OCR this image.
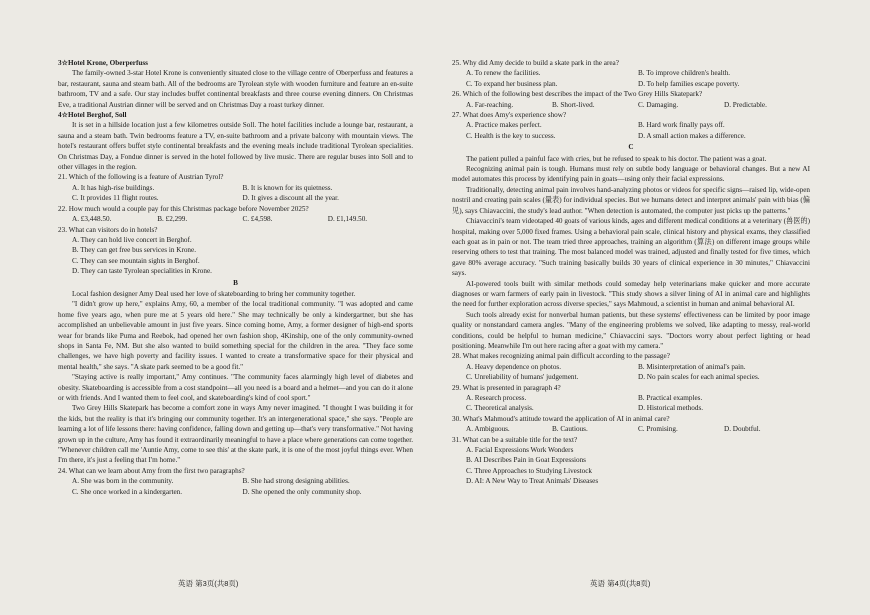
3☆Hotel Krone, Oberperfuss

The family-owned 3-star Hotel Krone is conveniently situated close to the village centre of Oberperfuss and features a bar, restaurant, sauna and steam bath. All of the bedrooms are Tyrolean style with wooden furniture and feature an en-suite bathroom, TV and a safe. Our stay includes buffet continental breakfasts and three course evening dinners. On Christmas Eve, a traditional Austrian dinner will be served and on Christmas Day a roast turkey dinner.

4☆Hotel Berghof, Soll

It is set in a hillside location just a few kilometres outside Soll. The hotel facilities include a lounge bar, restaurant, a sauna and a steam bath. Twin bedrooms feature a TV, en-suite bathroom and a private balcony with mountain views. The hotel's restaurant offers buffet style continental breakfasts and the evening meals include traditional Tyrolean specialities. On Christmas Day, a Fondue dinner is served in the hotel followed by live music. There are regular buses into Soll and to other villages in the region.

21. Which of the following is a feature of Austrian Tyrol?

A. It has high-rise buildings.	B. It is known for its quietness.
C. It provides 11 flight routes.	D. It gives a discount all the year.

22. How much would a couple pay for this Christmas package before November 2025?

A. £3,448.50.	B. £2,299.	C. £4,598.	D. £1,149.50.

23. What can visitors do in hotels?

A. They can hold live concert in Berghof.
B. They can get free bus services in Krone.
C. They can see mountain sights in Berghof.
D. They can taste Tyrolean specialities in Krone.

B

Local fashion designer Amy Deal used her love of skateboarding to bring her community together.

"I didn't grow up here," explains Amy, 60, a member of the local traditional community. "I was adopted and came home five years ago, when pure me at 5 years old here." She may technically be only a kindergartner, but she has accomplished an unbelievable amount in just five years. Since coming home, Amy, a former designer of high-end sports wear for brands like Puma and Reebok, had opened her own fashion shop, 4Kinship, one of the only community-owned shops in Santa Fe, NM. But she also wanted to build something special for the children in the area. "They face some challenges, we have high poverty and facility issues. I wanted to create a transformative space for their physical and mental health," she says. "A skate park seemed to be a good fit."

"Staying active is really important," Amy continues. "The community faces alarmingly high level of diabetes and obesity. Skateboarding is accessible from a cost standpoint—all you need is a board and a helmet—and you can do it alone or with friends. And I wanted them to feel cool, and skateboarding's kind of cool sport."

Two Grey Hills Skatepark has become a comfort zone in ways Amy never imagined. "I thought I was building it for the kids, but the reality is that it's bringing our community together. It's an intergenerational space," she says. "People are learning a lot of life lessons there: having confidence, falling down and getting up—that's very transformative." Not having grown up in the culture, Amy has found it extraordinarily meaningful to have a place where generations can come together. "Whenever children call me 'Auntie Amy, come to see this' at the skate park, it is one of the most joyful things ever. When I'm there, it's just a feeling that I'm home."

24. What can we learn about Amy from the first two paragraphs?

A. She was born in the community.	B. She had strong designing abilities.
C. She once worked in a kindergarten.	D. She opened the only community shop.

25. Why did Amy decide to build a skate park in the area?

A. To renew the facilities.	B. To improve children's health.
C. To expand her business plan.	D. To help families escape poverty.

26. Which of the following best describes the impact of the Two Grey Hills Skatepark?

A. Far-reaching.	B. Short-lived.	C. Damaging.	D. Predictable.

27. What does Amy's experience show?

A. Practice makes perfect.	B. Hard work finally pays off.
C. Health is the key to success.	D. A small action makes a difference.

C

The patient pulled a painful face with cries, but he refused to speak to his doctor. The patient was a goat.

Recognizing animal pain is tough. Humans must rely on subtle body language or behavioral changes. But a new AI model automates this process by identifying pain in goats—using only their facial expressions.

Traditionally, detecting animal pain involves hand-analyzing photos or videos for specific signs—raised lip, wide-open nostril and creating pain scales (量表) for individual species. But we humans detect and interpret animals' pain with bias (偏见), says Chiavaccini, the study's lead author. "When detection is automated, the computer just picks up the patterns."

Chiavaccini's team videotaped 40 goats of various kinds, ages and different medical conditions at a veterinary (兽医的) hospital, making over 5,000 fixed frames. Using a behavioral pain scale, clinical history and physical exams, they classified each goat as in pain or not. The team tried three approaches, training an algorithm (算法) on different image groups while reserving others to test that training. The most balanced model was trained, adjusted and finally tested for five times, which gave 80% average accuracy. "Such training basically builds 30 years of clinical experience in 30 minutes," Chiavaccini says.

AI-powered tools built with similar methods could someday help veterinarians make quicker and more accurate diagnoses or warn farmers of early pain in livestock. "This study shows a silver lining of AI in animal care and highlights the need for further exploration across diverse species," says Mahmoud, a scientist in human and animal behavioral AI.

Such tools already exist for nonverbal human patients, but these systems' effectiveness can be limited by poor image quality or nonstandard camera angles. "Many of the engineering problems we solved, like adapting to messy, real-world conditions, could be helpful to human medicine," Chiavaccini says. "Doctors worry about perfect lighting or head positioning. Meanwhile I'm out here racing after a goat with my camera."

28. What makes recognizing animal pain difficult according to the passage?

A. Heavy dependence on photos.	B. Misinterpretation of animal's pain.
C. Unreliability of humans' judgement.	D. No pain scales for each animal species.

29. What is presented in paragraph 4?

A. Research process.	B. Practical examples.
C. Theoretical analysis.	D. Historical methods.

30. What's Mahmoud's attitude toward the application of AI in animal care?

A. Ambiguous.	B. Cautious.	C. Promising.	D. Doubtful.

31. What can be a suitable title for the text?

A. Facial Expressions Work Wonders
B. AI Describes Pain in Goat Expressions
C. Three Approaches to Studying Livestock
D. AI: A New Way to Treat Animals' Diseases
英语 第3页(共8页)	英语 第4页(共8页)
